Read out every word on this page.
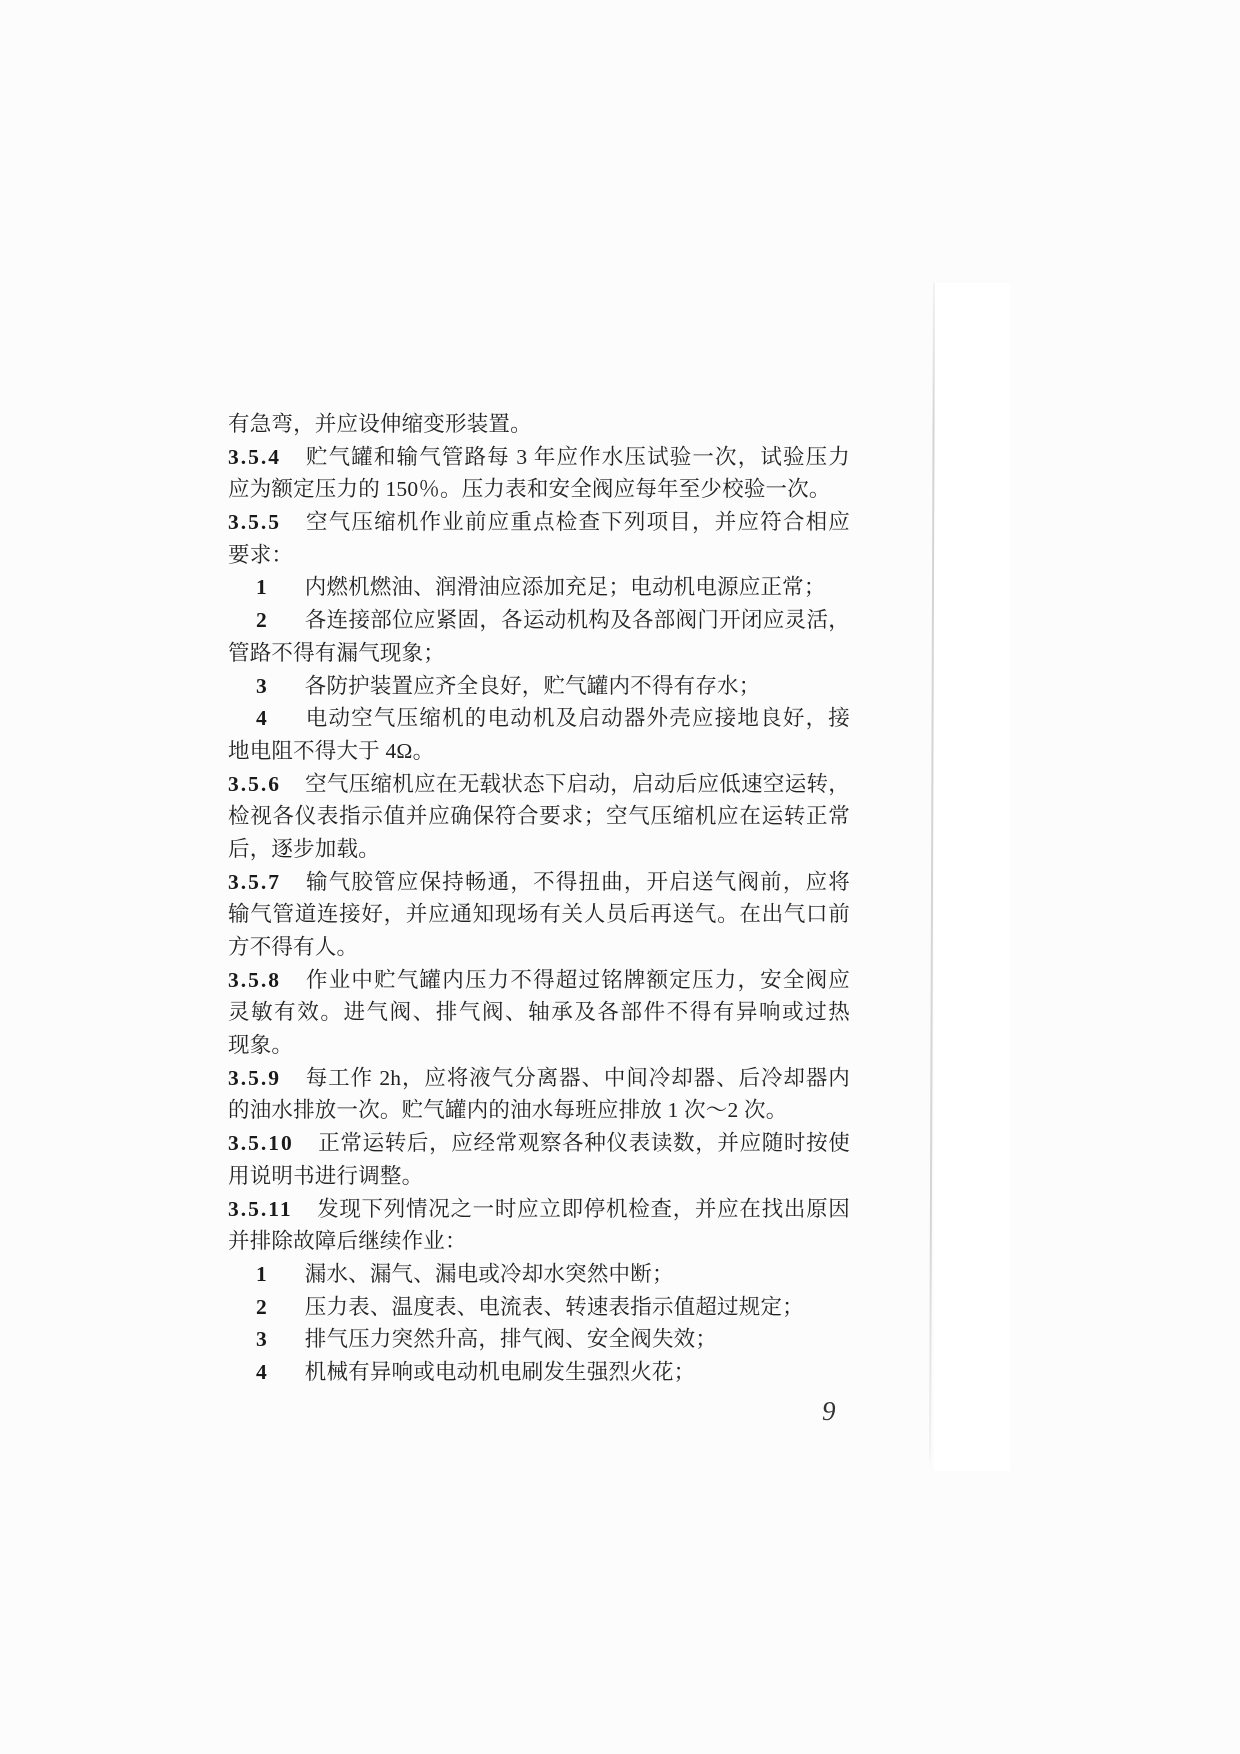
有急弯，并应设伸缩变形装置。
3.5.4 贮气罐和输气管路每 3 年应作水压试验一次，试验压力
应为额定压力的 150％。压力表和安全阀应每年至少校验一次。
3.5.5 空气压缩机作业前应重点检查下列项目，并应符合相应
要求：
1 内燃机燃油、润滑油应添加充足；电动机电源应正常；
2 各连接部位应紧固，各运动机构及各部阀门开闭应灵活，
管路不得有漏气现象；
3 各防护装置应齐全良好，贮气罐内不得有存水；
4 电动空气压缩机的电动机及启动器外壳应接地良好，接
地电阻不得大于 4Ω。
3.5.6 空气压缩机应在无载状态下启动，启动后应低速空运转，
检视各仪表指示值并应确保符合要求；空气压缩机应在运转正常
后，逐步加载。
3.5.7 输气胶管应保持畅通，不得扭曲，开启送气阀前，应将
输气管道连接好，并应通知现场有关人员后再送气。在出气口前
方不得有人。
3.5.8 作业中贮气罐内压力不得超过铭牌额定压力，安全阀应
灵敏有效。进气阀、排气阀、轴承及各部件不得有异响或过热
现象。
3.5.9 每工作 2h，应将液气分离器、中间冷却器、后冷却器内
的油水排放一次。贮气罐内的油水每班应排放 1 次～2 次。
3.5.10 正常运转后，应经常观察各种仪表读数，并应随时按使
用说明书进行调整。
3.5.11 发现下列情况之一时应立即停机检查，并应在找出原因
并排除故障后继续作业：
1 漏水、漏气、漏电或冷却水突然中断；
2 压力表、温度表、电流表、转速表指示值超过规定；
3 排气压力突然升高，排气阀、安全阀失效；
4 机械有异响或电动机电刷发生强烈火花；
9
